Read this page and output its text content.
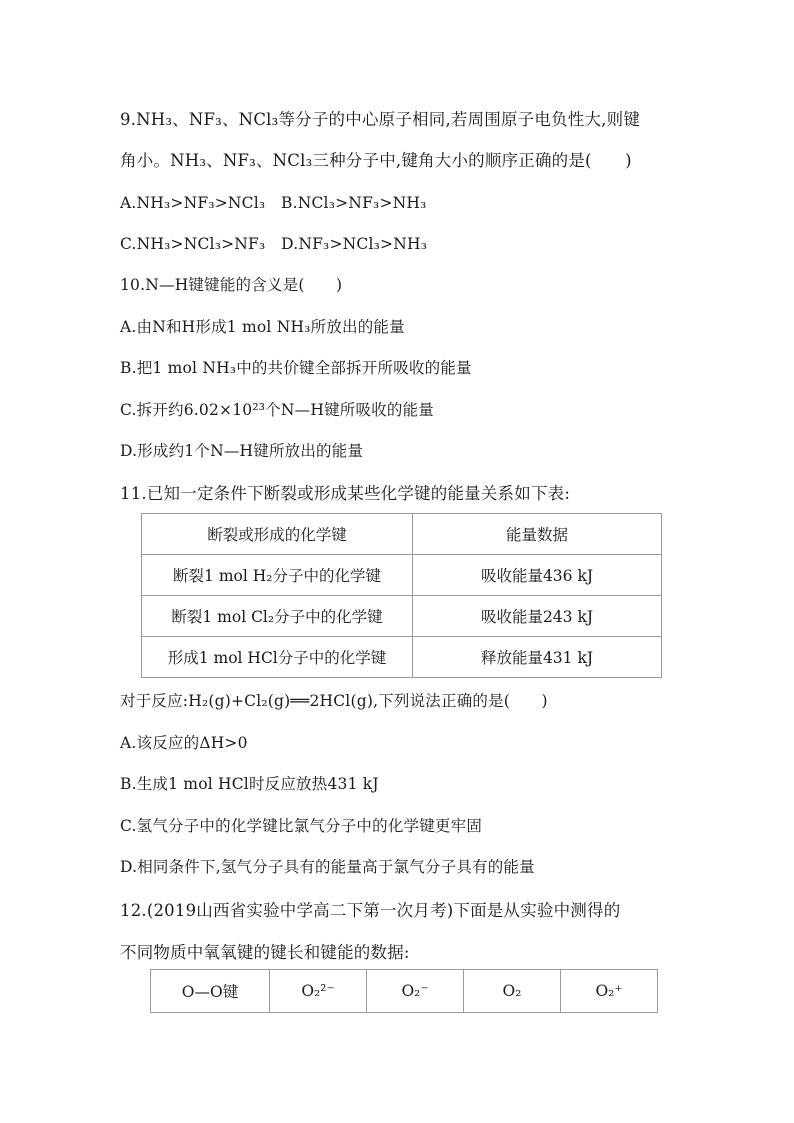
9.NH₃、NF₃、NCl₃等分子的中心原子相同,若周围原子电负性大,则键
角小。NH₃、NF₃、NCl₃三种分子中,键角大小的顺序正确的是(　　)
A.NH₃>NF₃>NCl₃　B.NCl₃>NF₃>NH₃
C.NH₃>NCl₃>NF₃　D.NF₃>NCl₃>NH₃
10.N—H键键能的含义是(　　)
A.由N和H形成1 mol NH₃所放出的能量
B.把1 mol NH₃中的共价键全部拆开所吸收的能量
C.拆开约6.02×10²³个N—H键所吸收的能量
D.形成约1个N—H键所放出的能量
11.已知一定条件下断裂或形成某些化学键的能量关系如下表:
断裂或形成的化学键	能量数据
断裂1 mol H₂分子中的化学键	吸收能量436 kJ
断裂1 mol Cl₂分子中的化学键	吸收能量243 kJ
形成1 mol HCl分子中的化学键	释放能量431 kJ
对于反应:H₂(g)+Cl₂(g)══2HCl(g),下列说法正确的是(　　)
A.该反应的ΔH>0
B.生成1 mol HCl时反应放热431 kJ
C.氢气分子中的化学键比氯气分子中的化学键更牢固
D.相同条件下,氢气分子具有的能量高于氯气分子具有的能量
12.(2019山西省实验中学高二下第一次月考)下面是从实验中测得的
不同物质中氧氧键的键长和键能的数据:
O—O键	O₂²⁻	O₂⁻	O₂	O₂⁺
